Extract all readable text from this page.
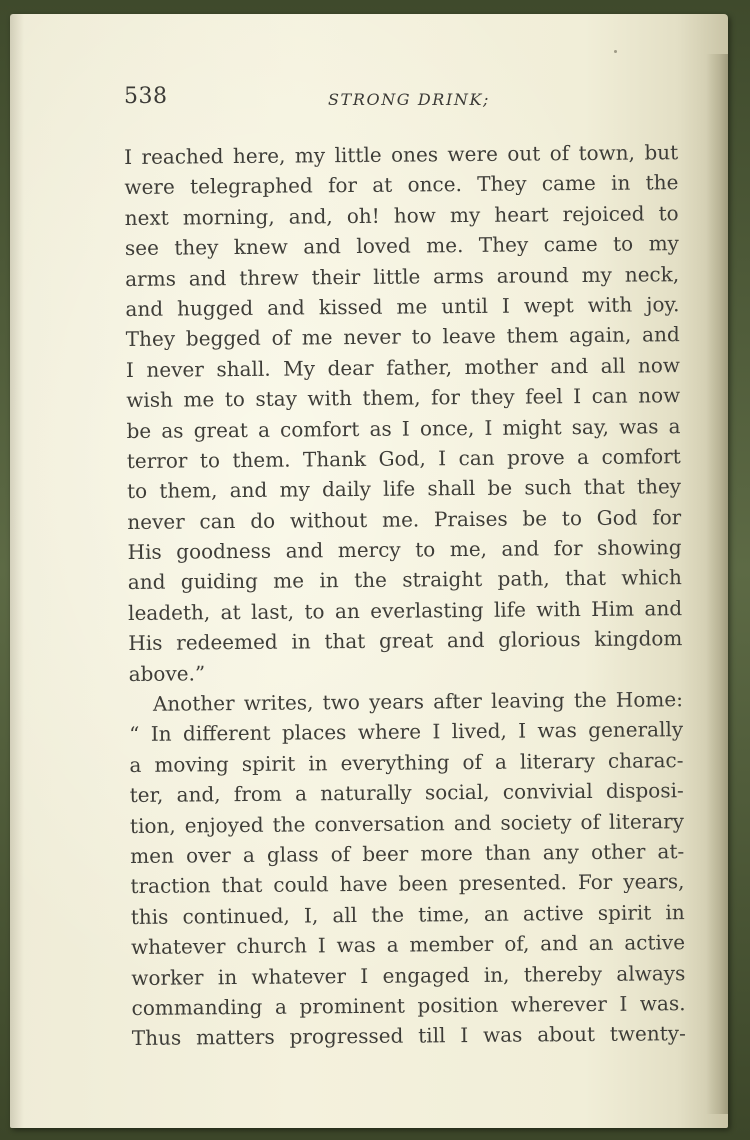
538	STRONG DRINK;
I reached here, my little ones were out of town, but
were telegraphed for at once. They came in the
next morning, and, oh! how my heart rejoiced to
see they knew and loved me. They came to my
arms and threw their little arms around my neck,
and hugged and kissed me until I wept with joy.
They begged of me never to leave them again, and
I never shall. My dear father, mother and all now
wish me to stay with them, for they feel I can now
be as great a comfort as I once, I might say, was a
terror to them. Thank God, I can prove a comfort
to them, and my daily life shall be such that they
never can do without me. Praises be to God for
His goodness and mercy to me, and for showing
and guiding me in the straight path, that which
leadeth, at last, to an everlasting life with Him and
His redeemed in that great and glorious kingdom
above.”
Another writes, two years after leaving the Home:
“ In different places where I lived, I was generally
a moving spirit in everything of a literary charac-
ter, and, from a naturally social, convivial disposi-
tion, enjoyed the conversation and society of literary
men over a glass of beer more than any other at-
traction that could have been presented. For years,
this continued, I, all the time, an active spirit in
whatever church I was a member of, and an active
worker in whatever I engaged in, thereby always
commanding a prominent position wherever I was.
Thus matters progressed till I was about twenty-
